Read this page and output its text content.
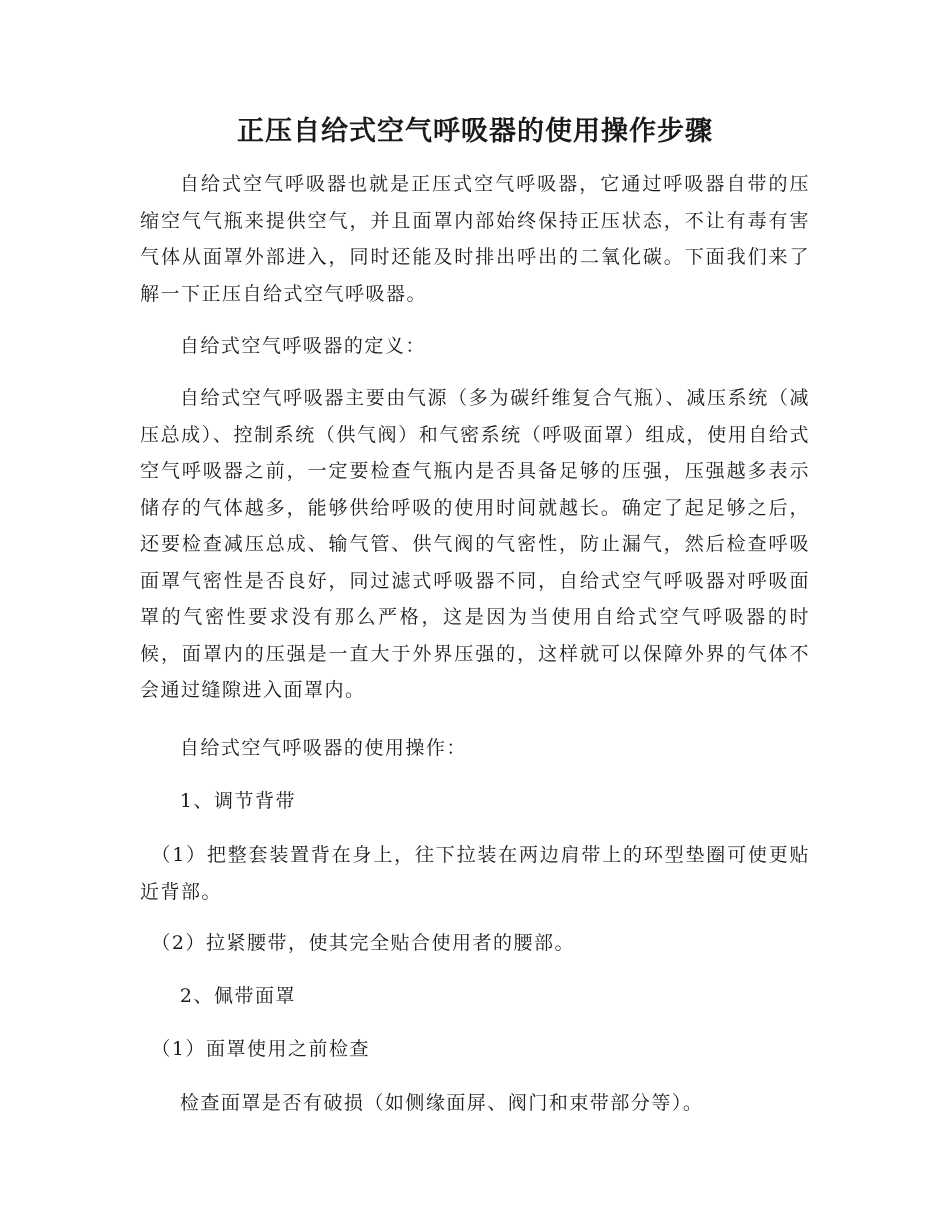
正压自给式空气呼吸器的使用操作步骤

自给式空气呼吸器也就是正压式空气呼吸器，它通过呼吸器自带的压缩空气气瓶来提供空气，并且面罩内部始终保持正压状态，不让有毒有害气体从面罩外部进入，同时还能及时排出呼出的二氧化碳。下面我们来了解一下正压自给式空气呼吸器。

自给式空气呼吸器的定义：

自给式空气呼吸器主要由气源（多为碳纤维复合气瓶）、减压系统（减压总成）、控制系统（供气阀）和气密系统（呼吸面罩）组成，使用自给式空气呼吸器之前，一定要检查气瓶内是否具备足够的压强，压强越多表示储存的气体越多，能够供给呼吸的使用时间就越长。确定了起足够之后，还要检查减压总成、输气管、供气阀的气密性，防止漏气，然后检查呼吸面罩气密性是否良好，同过滤式呼吸器不同，自给式空气呼吸器对呼吸面罩的气密性要求没有那么严格，这是因为当使用自给式空气呼吸器的时候，面罩内的压强是一直大于外界压强的，这样就可以保障外界的气体不会通过缝隙进入面罩内。

自给式空气呼吸器的使用操作：

1、调节背带

（1）把整套装置背在身上，往下拉装在两边肩带上的环型垫圈可使更贴近背部。

（2）拉紧腰带，使其完全贴合使用者的腰部。

2、佩带面罩

（1）面罩使用之前检查

检查面罩是否有破损（如侧缘面屏、阀门和束带部分等）。
